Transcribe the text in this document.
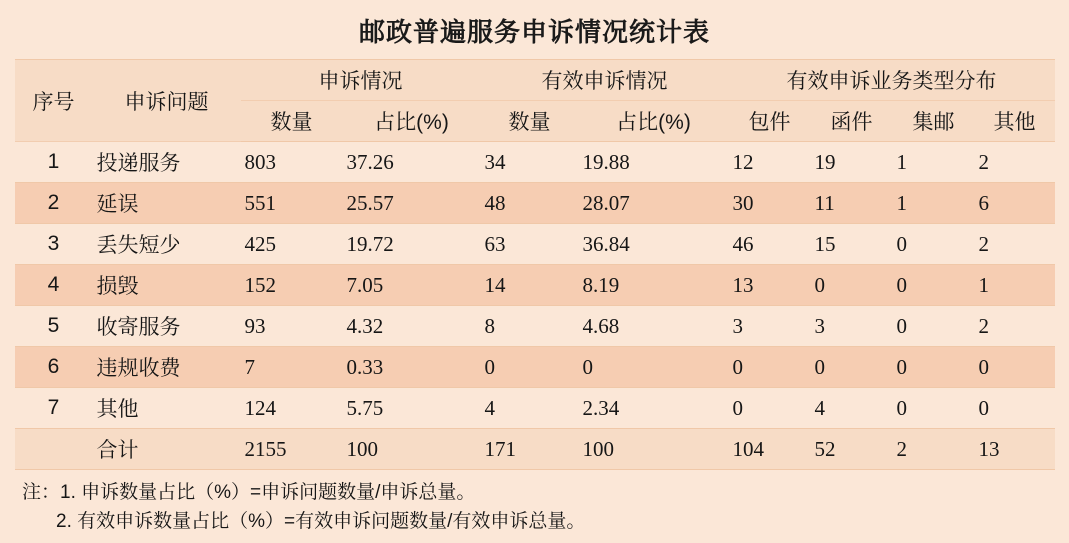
邮政普遍服务申诉情况统计表
序号	申诉问题	申诉情况		有效申诉情况		有效申诉业务类型分布			
		数量	占比(%)	数量	占比(%)	包件	函件	集邮	其他
1	投递服务	803	37.26	34	19.88	12	19	1	2
2	延误	551	25.57	48	28.07	30	11	1	6
3	丢失短少	425	19.72	63	36.84	46	15	0	2
4	损毁	152	7.05	14	8.19	13	0	0	1
5	收寄服务	93	4.32	8	4.68	3	3	0	2
6	违规收费	7	0.33	0	0	0	0	0	0
7	其他	124	5.75	4	2.34	0	4	0	0
	合计	2155	100	171	100	104	52	2	13
注：1. 申诉数量占比（%）=申诉问题数量/申诉总量。
2. 有效申诉数量占比（%）=有效申诉问题数量/有效申诉总量。
